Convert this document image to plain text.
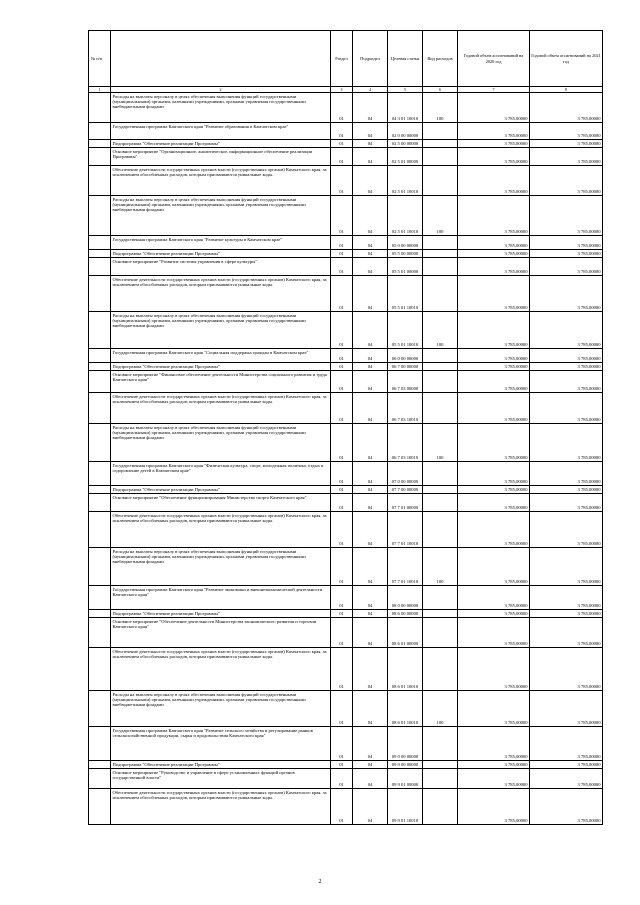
№ п/п		Раздел	Подраздел	Целевая статья	Вид расходов	Годовой объем ассигнований на 2020 год	Годовой объем ассигнований на 2021 год
1	2	3	4	5	6	7	8
	Расходы на выплаты персоналу в целях обеспечения выполнения функций государственными (муниципальными) органами, казенными учреждениями, органами управления государственными внебюджетными фондами	01	04	04 3 01 10010	100	3 785,00000	3 785,00000
	Государственная программа Камчатского края "Развитие образования в Камчатском крае"	01	04	02 0 00 00000		3 785,00000	3 785,00000
	Подпрограмма "Обеспечение реализации Программы"	01	04	02 5 00 00000		3 785,00000	3 785,00000
	Основное мероприятие "Организационное, аналитическое, информационное обеспечение реализации Программы"	01	04	02 5 01 00000		3 785,00000	3 785,00000
	Обеспечение деятельности государственных органов власти (государственных органов) Камчатского края, за исключением обособленных расходов, которым присваиваются уникальные коды.	01	04	02 5 01 10010		3 785,00000	3 785,00000
	Расходы на выплаты персоналу в целях обеспечения выполнения функций государственными (муниципальными) органами, казенными учреждениями, органами управления государственными внебюджетными фондами	01	04	02 5 01 10010	100	3 785,00000	3 785,00000
	Государственная программа Камчатского края "Развитие культуры в Камчатском крае"	01	04	05 0 00 00000		3 785,00000	3 785,00000
	Подпрограмма "Обеспечение реализации Программы"	01	04	05 5 00 00000		3 785,00000	3 785,00000
	Основное мероприятие "Развитие системы управления в сфере культуры"	01	04	05 5 01 00000		3 785,00000	3 785,00000
	Обеспечение деятельности государственных органов власти (государственных органов) Камчатского края, за исключением обособленных расходов, которым присваиваются уникальные коды.	01	04	05 5 01 10010		3 785,00000	3 785,00000
	Расходы на выплаты персоналу в целях обеспечения выполнения функций государственными (муниципальными) органами, казенными учреждениями, органами управления государственными внебюджетными фондами	01	04	05 5 01 10010	100	3 785,00000	3 785,00000
	Государственная программа Камчатского края "Социальная поддержка граждан в Камчатском крае"	01	04	06 0 00 00000		3 785,00000	3 785,00000
	Подпрограмма "Обеспечение реализации Программы"	01	04	06 7 00 00000		3 785,00000	3 785,00000
	Основное мероприятие "Финансовое обеспечение деятельности Министерства социального развития и труда Камчатского края"	01	04	06 7 03 00000		3 785,00000	3 785,00000
	Обеспечение деятельности государственных органов власти (государственных органов) Камчатского края, за исключением обособленных расходов, которым присваиваются уникальные коды.	01	04	06 7 03 10010		3 785,00000	3 785,00000
	Расходы на выплаты персоналу в целях обеспечения выполнения функций государственными (муниципальными) органами, казенными учреждениями, органами управления государственными внебюджетными фондами	01	04	06 7 03 10010	100	3 785,00000	3 785,00000
	Государственная программа Камчатского края "Физическая культура, спорт, молодежная политика, отдых и оздоровление детей в Камчатском крае"	01	04	07 0 00 00000		3 785,00000	3 785,00000
	Подпрограмма "Обеспечение реализации Программы"	01	04	07 7 00 00000		3 785,00000	3 785,00000
	Основное мероприятие "Обеспечение функционирования Министерства спорта Камчатского края"	01	04	07 7 01 00000		3 785,00000	3 785,00000
	Обеспечение деятельности государственных органов власти (государственных органов) Камчатского края, за исключением обособленных расходов, которым присваиваются уникальные коды.	01	04	07 7 01 10010		3 785,00000	3 785,00000
	Расходы на выплаты персоналу в целях обеспечения выполнения функций государственными (муниципальными) органами, казенными учреждениями, органами управления государственными внебюджетными фондами	01	04	07 7 01 10010	100	3 785,00000	3 785,00000
	Государственная программа Камчатского края "Развитие экономики и внешнеэкономической деятельности Камчатского края"	01	04	08 0 00 00000		3 785,00000	3 785,00000
	Подпрограмма "Обеспечение реализации Программы"	01	04	08 6 00 00000		3 785,00000	3 785,00000
	Основное мероприятие "Обеспечение деятельности Министерства экономического развития и торговли Камчатского края"	01	04	08 6 01 00000		3 785,00000	3 785,00000
	Обеспечение деятельности государственных органов власти (государственных органов) Камчатского края, за исключением обособленных расходов, которым присваиваются уникальные коды.	01	04	08 6 01 10010		3 785,00000	3 785,00000
	Расходы на выплаты персоналу в целях обеспечения выполнения функций государственными (муниципальными) органами, казенными учреждениями, органами управления государственными внебюджетными фондами	01	04	08 6 01 10010	100	3 785,00000	3 785,00000
	Государственная программа Камчатского края "Развитие сельского хозяйства и регулирование рынков сельскохозяйственной продукции, сырья и продовольствия Камчатского края"	01	04	09 0 00 00000		3 785,00000	3 785,00000
	Подпрограмма "Обеспечение реализации Программы"	01	04	09 9 00 00000		3 785,00000	3 785,00000
	Основное мероприятие "Руководство и управление в сфере установленных функций органов государственной власти"	01	04	09 9 01 00000		3 785,00000	3 785,00000
	Обеспечение деятельности государственных органов власти (государственных органов) Камчатского края, за исключением обособленных расходов, которым присваиваются уникальные коды.	01	04	09 9 01 10010		3 785,00000	3 785,00000
2
